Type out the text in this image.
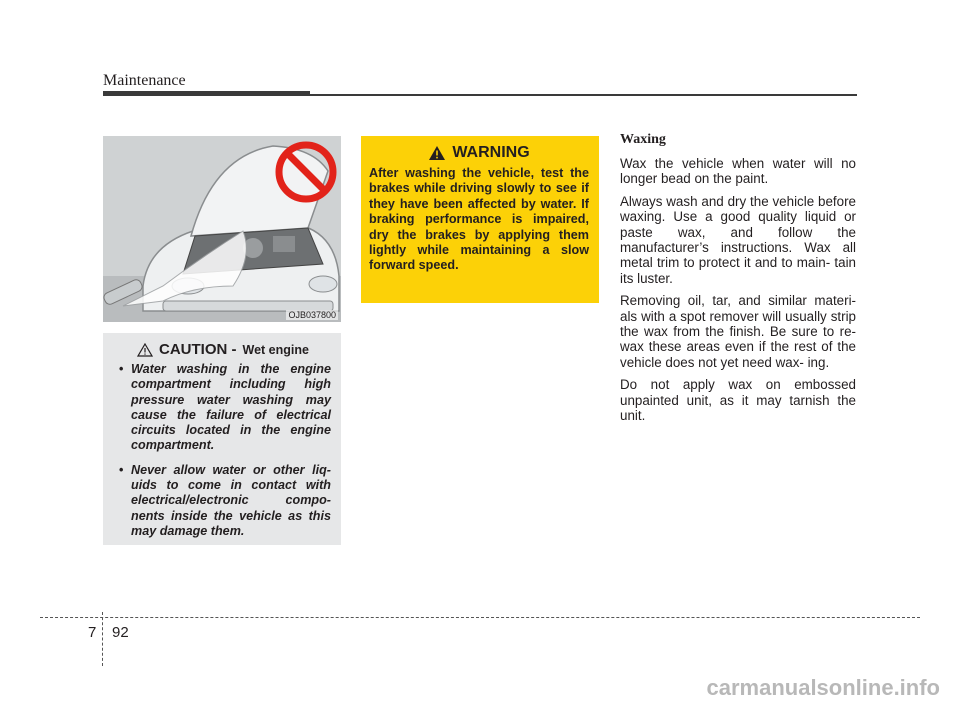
Maintenance
OJB037800
CAUTION - Wet engine
• Water washing in the engine compartment including high pressure water washing may cause the failure of electrical circuits located in the engine compartment.
• Never allow water or other liq- uids to come in contact with electrical/electronic compo- nents inside the vehicle as this may damage them.
WARNING
After washing the vehicle, test the brakes while driving slowly to see if they have been affected by water. If braking performance is impaired, dry the brakes by applying them lightly while maintaining a slow forward speed.
Waxing

Wax the vehicle when water will no longer bead on the paint.

Always wash and dry the vehicle before waxing. Use a good quality liquid or paste wax, and follow the manufacturer’s instructions. Wax all metal trim to protect it and to main- tain its luster.

Removing oil, tar, and similar materi- als with a spot remover will usually strip the wax from the finish. Be sure to re-wax these areas even if the rest of the vehicle does not yet need wax- ing.

Do not apply wax on embossed unpainted unit, as it may tarnish the unit.

7 92
carmanualsonline.info
